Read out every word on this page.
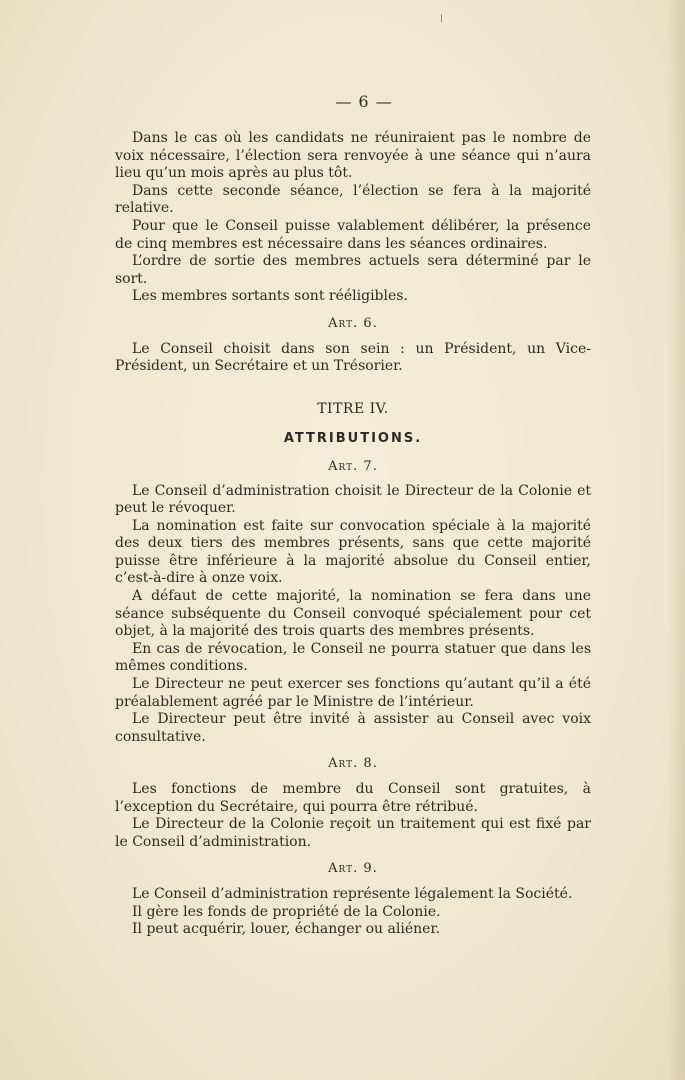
— 6 —

Dans le cas où les candidats ne réuniraient pas le nombre de voix nécessaire, l’élection sera renvoyée à une séance qui n’aura lieu qu’un mois après au plus tôt.

Dans cette seconde séance, l’élection se fera à la majorité relative.

Pour que le Conseil puisse valablement délibérer, la présence de cinq membres est nécessaire dans les séances ordinaires.

L’ordre de sortie des membres actuels sera déterminé par le sort.

Les membres sortants sont rééligibles.

Art. 6.

Le Conseil choisit dans son sein : un Président, un Vice-Président, un Secrétaire et un Trésorier.

TITRE IV.
ATTRIBUTIONS.
Art. 7.

Le Conseil d’administration choisit le Directeur de la Colonie et peut le révoquer.

La nomination est faite sur convocation spéciale à la majorité des deux tiers des membres présents, sans que cette majorité puisse être inférieure à la majorité absolue du Conseil entier, c’est-à-dire à onze voix.

A défaut de cette majorité, la nomination se fera dans une séance subséquente du Conseil convoqué spécialement pour cet objet, à la majorité des trois quarts des membres présents.

En cas de révocation, le Conseil ne pourra statuer que dans les mêmes conditions.

Le Directeur ne peut exercer ses fonctions qu’autant qu’il a été préalablement agréé par le Ministre de l’intérieur.

Le Directeur peut être invité à assister au Conseil avec voix consultative.

Art. 8.

Les fonctions de membre du Conseil sont gratuites, à l’exception du Secrétaire, qui pourra être rétribué.

Le Directeur de la Colonie reçoit un traitement qui est fixé par le Conseil d’administration.

Art. 9.

Le Conseil d’administration représente légalement la Société.

Il gère les fonds de propriété de la Colonie.

Il peut acquérir, louer, échanger ou aliéner.
